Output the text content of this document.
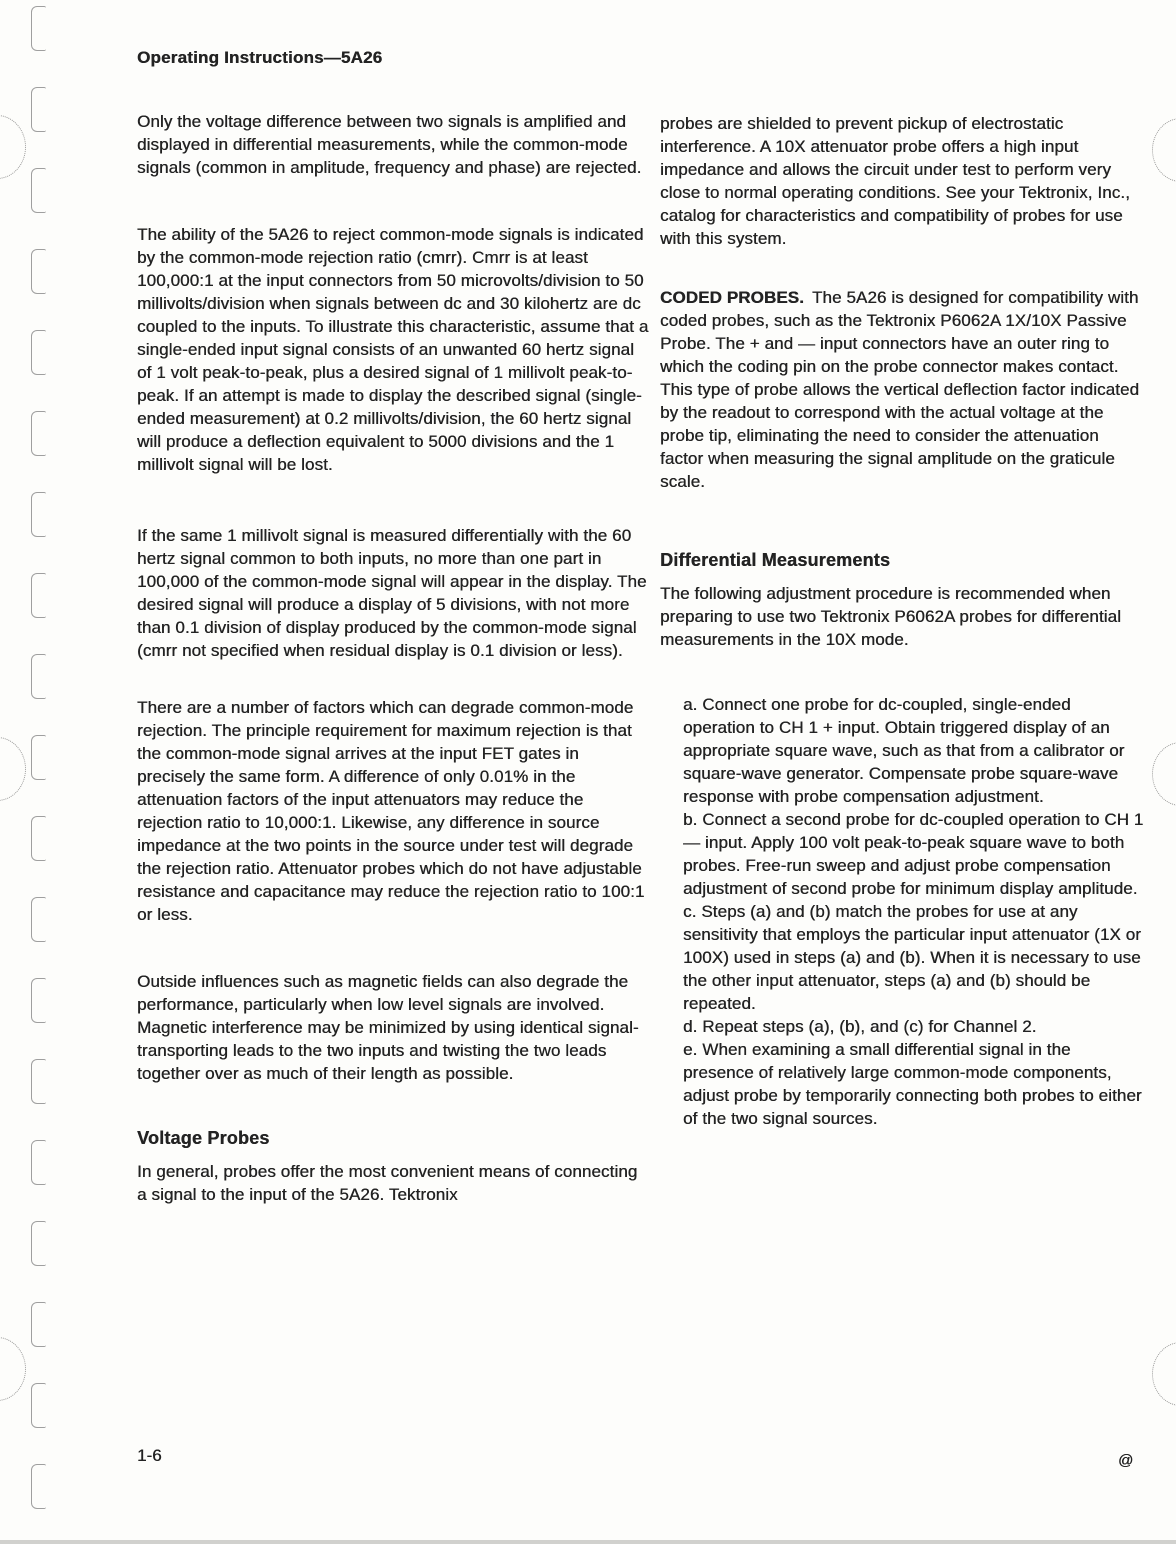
Operating Instructions—5A26

Only the voltage difference between two signals is amplified and displayed in differential measurements, while the common-mode signals (common in amplitude, frequency and phase) are rejected.

The ability of the 5A26 to reject common-mode signals is indicated by the common-mode rejection ratio (cmrr). Cmrr is at least 100,000:1 at the input connectors from 50 microvolts/division to 50 millivolts/division when signals between dc and 30 kilohertz are dc coupled to the inputs. To illustrate this characteristic, assume that a single-ended input signal consists of an unwanted 60 hertz signal of 1 volt peak-to-peak, plus a desired signal of 1 millivolt peak-to-peak. If an attempt is made to display the described signal (single-ended measurement) at 0.2 millivolts/division, the 60 hertz signal will produce a deflection equivalent to 5000 divisions and the 1 millivolt signal will be lost.

If the same 1 millivolt signal is measured differentially with the 60 hertz signal common to both inputs, no more than one part in 100,000 of the common-mode signal will appear in the display. The desired signal will produce a display of 5 divisions, with not more than 0.1 division of display produced by the common-mode signal (cmrr not specified when residual display is 0.1 division or less).

There are a number of factors which can degrade common-mode rejection. The principle requirement for maximum rejection is that the common-mode signal arrives at the input FET gates in precisely the same form. A difference of only 0.01% in the attenuation factors of the input attenuators may reduce the rejection ratio to 10,000:1. Likewise, any difference in source impedance at the two points in the source under test will degrade the rejection ratio. Attenuator probes which do not have adjustable resistance and capacitance may reduce the rejection ratio to 100:1 or less.

Outside influences such as magnetic fields can also degrade the performance, particularly when low level signals are involved. Magnetic interference may be minimized by using identical signal-transporting leads to the two inputs and twisting the two leads together over as much of their length as possible.

Voltage Probes

In general, probes offer the most convenient means of connecting a signal to the input of the 5A26. Tektronix

probes are shielded to prevent pickup of electrostatic interference. A 10X attenuator probe offers a high input impedance and allows the circuit under test to perform very close to normal operating conditions. See your Tektronix, Inc., catalog for characteristics and compatibility of probes for use with this system.

CODED PROBES. The 5A26 is designed for compatibility with coded probes, such as the Tektronix P6062A 1X/10X Passive Probe. The + and — input connectors have an outer ring to which the coding pin on the probe connector makes contact. This type of probe allows the vertical deflection factor indicated by the readout to correspond with the actual voltage at the probe tip, eliminating the need to consider the attenuation factor when measuring the signal amplitude on the graticule scale.

Differential Measurements

The following adjustment procedure is recommended when preparing to use two Tektronix P6062A probes for differential measurements in the 10X mode.

a. Connect one probe for dc-coupled, single-ended operation to CH 1 + input. Obtain triggered display of an appropriate square wave, such as that from a calibrator or square-wave generator. Compensate probe square-wave response with probe compensation adjustment.

b. Connect a second probe for dc-coupled operation to CH 1 — input. Apply 100 volt peak-to-peak square wave to both probes. Free-run sweep and adjust probe compensation adjustment of second probe for minimum display amplitude.

c. Steps (a) and (b) match the probes for use at any sensitivity that employs the particular input attenuator (1X or 100X) used in steps (a) and (b). When it is necessary to use the other input attenuator, steps (a) and (b) should be repeated.

d. Repeat steps (a), (b), and (c) for Channel 2.

e. When examining a small differential signal in the presence of relatively large common-mode components, adjust probe by temporarily connecting both probes to either of the two signal sources.

1-6	@
